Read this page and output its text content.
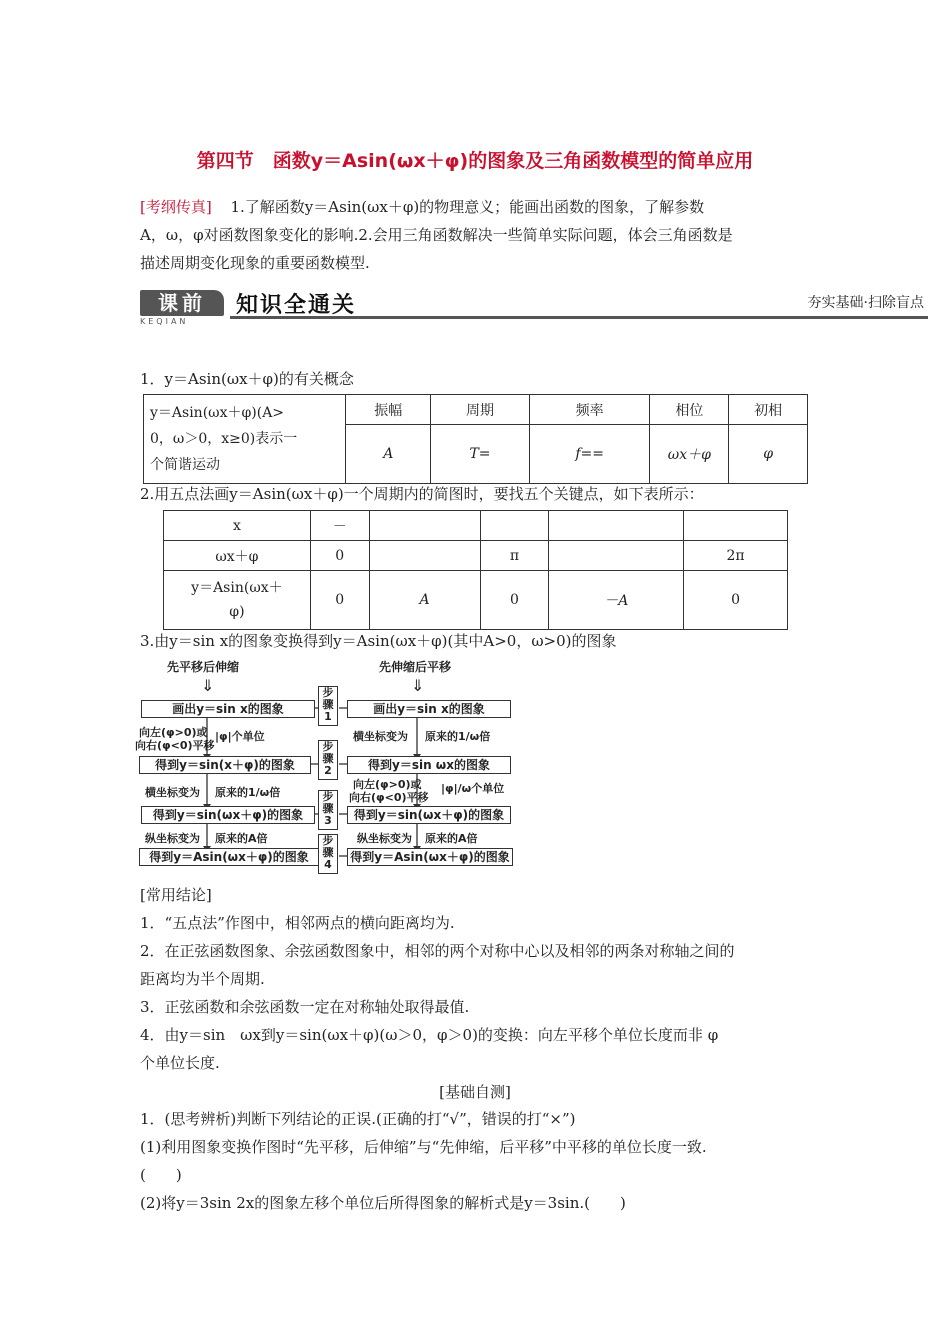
第四节　函数y＝Asin(ωx＋φ)的图象及三角函数模型的简单应用
[考纲传真] 1.了解函数y＝Asin(ωx＋φ)的物理意义；能画出函数的图象，了解参数
A，ω，φ对函数图象变化的影响.2.会用三角函数解决一些简单实际问题，体会三角函数是
描述周期变化现象的重要函数模型.
课前
KEQIAN
知识全通关	夯实基础·扫除盲点
1．y＝Asin(ωx＋φ)的有关概念
y＝Asin(ωx＋φ)(A>
0，ω＞0，x≥0)表示一
个简谐运动	振幅	周期	频率	相位	初相
	A	T=	f==	ωx＋φ	φ
2.用五点法画y＝Asin(ωx＋φ)一个周期内的简图时，要找五个关键点，如下表所示：
x	－				
ωx＋φ	0		π		2π

y＝Asin(ωx＋
φ)	0	A	0	－A	0
3.由y＝sin x的图象变换得到y＝Asin(ωx＋φ)(其中A>0，ω>0)的图象
先平移后伸缩	先伸缩后平移
⇓	⇓
画出y＝sin x的图象
得到y＝sin(x＋φ)的图象
得到y＝sin(ωx＋φ)的图象
得到y＝Asin(ωx＋φ)的图象
画出y＝sin x的图象
得到y＝sin ωx的图象
得到y＝sin(ωx＋φ)的图象
得到y＝Asin(ωx＋φ)的图象
步骤1
步骤2
步骤3
步骤4
向左(φ>0)或
向右(φ<0)平移
|φ|个单位
横坐标变为 原来的1/ω倍
纵坐标变为 原来的A倍
横坐标变为 原来的1/ω倍
向左(φ>0)或
向右(φ<0)平移
|φ|/ω个单位
纵坐标变为 原来的A倍
[常用结论]
1．“五点法”作图中，相邻两点的横向距离均为.
2．在正弦函数图象、余弦函数图象中，相邻的两个对称中心以及相邻的两条对称轴之间的
距离均为半个周期.
3．正弦函数和余弦函数一定在对称轴处取得最值.
4．由y＝sin　ωx到y＝sin(ωx＋φ)(ω＞0，φ＞0)的变换：向左平移个单位长度而非 φ
个单位长度.
[基础自测]
1．(思考辨析)判断下列结论的正误.(正确的打“√”，错误的打“×”)
(1)利用图象变换作图时“先平移，后伸缩”与“先伸缩，后平移”中平移的单位长度一致.
(　　)
(2)将y＝3sin 2x的图象左移个单位后所得图象的解析式是y＝3sin.(　　)
